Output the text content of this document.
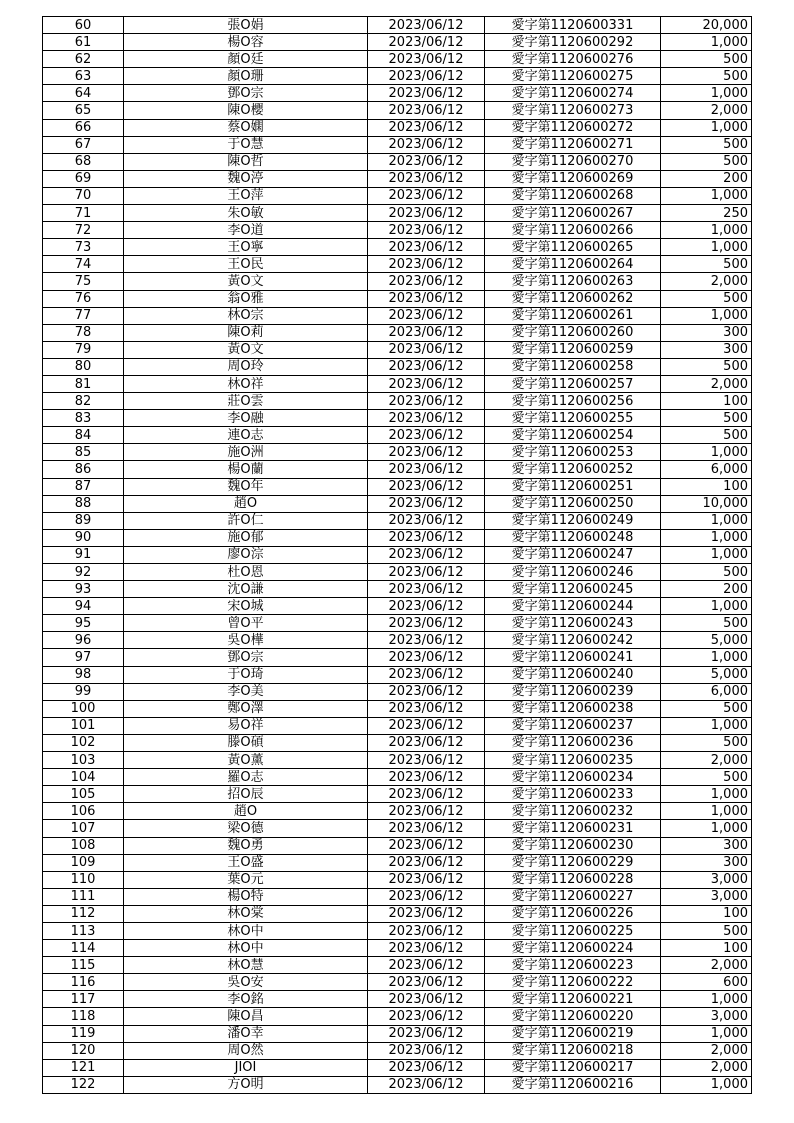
60	張O娟	2023/06/12	愛字第1120600331	20,000
61	楊O容	2023/06/12	愛字第1120600292	1,000
62	顏O廷	2023/06/12	愛字第1120600276	500
63	顏O珊	2023/06/12	愛字第1120600275	500
64	鄧O宗	2023/06/12	愛字第1120600274	1,000
65	陳O櫻	2023/06/12	愛字第1120600273	2,000
66	蔡O嫻	2023/06/12	愛字第1120600272	1,000
67	于O慧	2023/06/12	愛字第1120600271	500
68	陳O哲	2023/06/12	愛字第1120600270	500
69	魏O渟	2023/06/12	愛字第1120600269	200
70	王O萍	2023/06/12	愛字第1120600268	1,000
71	朱O敏	2023/06/12	愛字第1120600267	250
72	李O道	2023/06/12	愛字第1120600266	1,000
73	王O寧	2023/06/12	愛字第1120600265	1,000
74	王O民	2023/06/12	愛字第1120600264	500
75	黃O文	2023/06/12	愛字第1120600263	2,000
76	翁O雅	2023/06/12	愛字第1120600262	500
77	林O宗	2023/06/12	愛字第1120600261	1,000
78	陳O莉	2023/06/12	愛字第1120600260	300
79	黃O文	2023/06/12	愛字第1120600259	300
80	周O玲	2023/06/12	愛字第1120600258	500
81	林O祥	2023/06/12	愛字第1120600257	2,000
82	莊O雲	2023/06/12	愛字第1120600256	100
83	李O融	2023/06/12	愛字第1120600255	500
84	連O志	2023/06/12	愛字第1120600254	500
85	施O洲	2023/06/12	愛字第1120600253	1,000
86	楊O蘭	2023/06/12	愛字第1120600252	6,000
87	魏O年	2023/06/12	愛字第1120600251	100
88	趙O	2023/06/12	愛字第1120600250	10,000
89	許O仁	2023/06/12	愛字第1120600249	1,000
90	施O郁	2023/06/12	愛字第1120600248	1,000
91	廖O淙	2023/06/12	愛字第1120600247	1,000
92	杜O恩	2023/06/12	愛字第1120600246	500
93	沈O謙	2023/06/12	愛字第1120600245	200
94	宋O城	2023/06/12	愛字第1120600244	1,000
95	曾O平	2023/06/12	愛字第1120600243	500
96	吳O樺	2023/06/12	愛字第1120600242	5,000
97	鄧O宗	2023/06/12	愛字第1120600241	1,000
98	于O琦	2023/06/12	愛字第1120600240	5,000
99	李O美	2023/06/12	愛字第1120600239	6,000
100	鄭O澤	2023/06/12	愛字第1120600238	500
101	易O祥	2023/06/12	愛字第1120600237	1,000
102	滕O碩	2023/06/12	愛字第1120600236	500
103	黃O薰	2023/06/12	愛字第1120600235	2,000
104	羅O志	2023/06/12	愛字第1120600234	500
105	招O辰	2023/06/12	愛字第1120600233	1,000
106	趙O	2023/06/12	愛字第1120600232	1,000
107	梁O德	2023/06/12	愛字第1120600231	1,000
108	魏O勇	2023/06/12	愛字第1120600230	300
109	王O盛	2023/06/12	愛字第1120600229	300
110	葉O元	2023/06/12	愛字第1120600228	3,000
111	楊O特	2023/06/12	愛字第1120600227	3,000
112	林O棠	2023/06/12	愛字第1120600226	100
113	林O中	2023/06/12	愛字第1120600225	500
114	林O中	2023/06/12	愛字第1120600224	100
115	林O慧	2023/06/12	愛字第1120600223	2,000
116	吳O安	2023/06/12	愛字第1120600222	600
117	李O銘	2023/06/12	愛字第1120600221	1,000
118	陳O昌	2023/06/12	愛字第1120600220	3,000
119	潘O幸	2023/06/12	愛字第1120600219	1,000
120	周O然	2023/06/12	愛字第1120600218	2,000
121	JIOI	2023/06/12	愛字第1120600217	2,000
122	方O明	2023/06/12	愛字第1120600216	1,000
